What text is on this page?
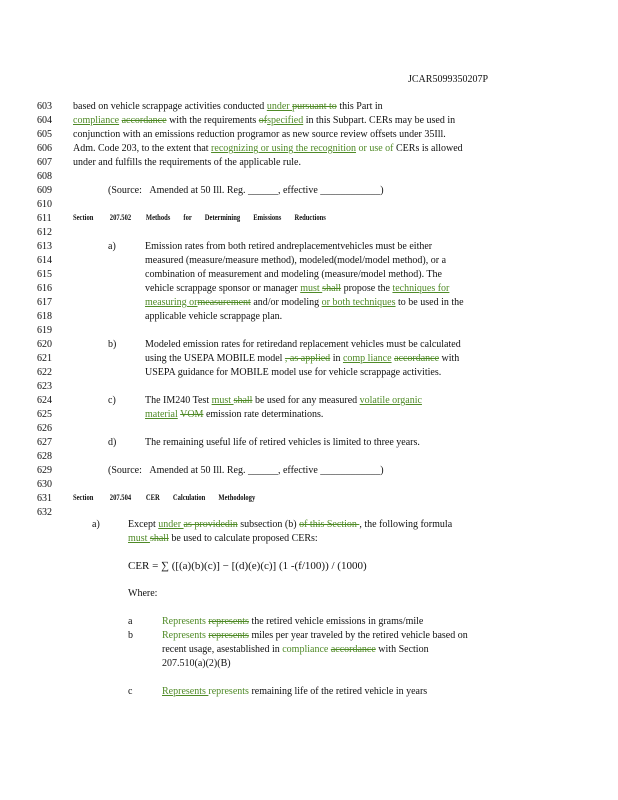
JCAR5099350207P
603
604
605
606
607
608
609
610
611
612
613
614
615
616
617
618
619
620
621
622
623
624
625
626
627
628
629
630
631
632
based on vehicle scrappage activities conducted under pursuant to this Part in
compliance accordance with the requirements ofspecified in this Subpart. CERs may be used in
conjunction with an emissions reduction programor as new source review offsets under 35Ill.
Adm. Code 203, to the extent that recognizing or using the recognition or use of CERs is allowed
under and fulfills the requirements of the applicable rule.
(Source: Amended at 50 Ill. Reg. ______, effective ____________)
Section 207.502 Methods for Determining Emissions Reductions
a)	Emission rates from both retired andreplacementvehicles must be either
measured (measure/measure method), modeled(model/model method), or a
combination of measurement and modeling (measure/model method). The
vehicle scrappage sponsor or manager must shall propose the techniques for
measuring ormeasurement and/or modeling or both techniques to be used in the
applicable vehicle scrappage plan.
b)	Modeled emission rates for retiredand replacement vehicles must be calculated
using the USEPA MOBILE model , as applied in comp liance accordance with
USEPA guidance for MOBILE model use for vehicle scrappage activities.
c)	The IM240 Test must shall be used for any measured volatile organic
material VOM emission rate determinations.
d)	The remaining useful life of retired vehicles is limited to three years.
(Source: Amended at 50 Ill. Reg. ______, effective ____________)
Section 207.504 CER Calculation Methodology
a)	Except under as providedin subsection (b) of this Section , the following formula
must shall be used to calculate proposed CERs:
CER = ∑ ([(a)(b)(c)] − [(d)(e)(c)] (1 -(f/100)) / (1000)
Where:
a	Represents represents the retired vehicle emissions in grams/mile
b	Represents represents miles per year traveled by the retired vehicle based on
recent usage, asestablished in compliance accordance with Section
207.510(a)(2)(B)
c	Represents represents remaining life of the retired vehicle in years
